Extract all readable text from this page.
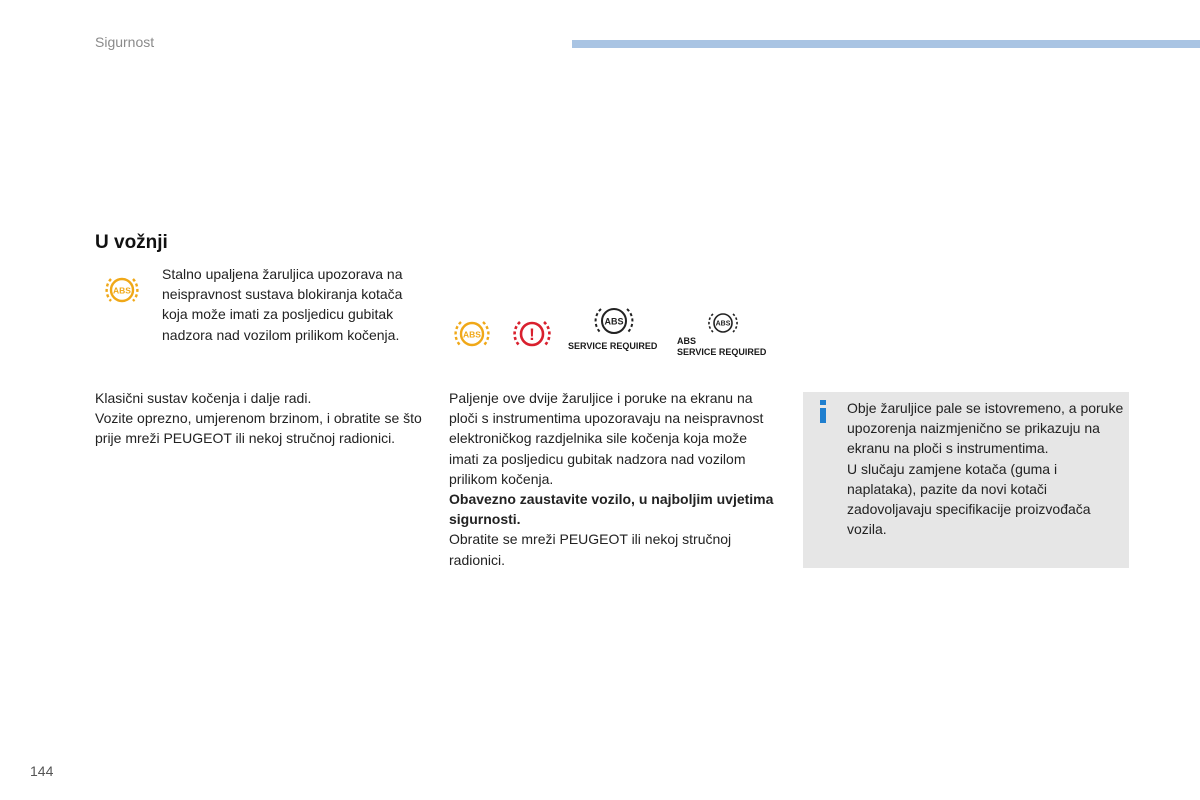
Sigurnost
U vožnji
ABS
Stalno upaljena žaruljica upozorava na neispravnost sustava blokiranja kotača koja može imati za posljedicu gubitak nadzora nad vozilom prilikom kočenja.	ABS	!
ABS
SERVICE REQUIRED
ABS
ABS
SERVICE REQUIRED

Klasični sustav kočenja i dalje radi.

Vozite oprezno, umjerenom brzinom, i obratite se što prije mreži PEUGEOT ili nekoj stručnoj radionici.

Paljenje ove dvije žaruljice i poruke na ekranu na ploči s instrumentima upozoravaju na neispravnost elektroničkog razdjelnika sile kočenja koja može imati za posljedicu gubitak nadzora nad vozilom prilikom kočenja.

Obavezno zaustavite vozilo, u najboljim uvjetima sigurnosti.

Obratite se mreži PEUGEOT ili nekoj stručnoj radionici.

Obje žaruljice pale se istovremeno, a poruke upozorenja naizmjenično se prikazuju na ekranu na ploči s instrumentima.

U slučaju zamjene kotača (guma i naplataka), pazite da novi kotači zadovoljavaju specifikacije proizvođača vozila.

144
